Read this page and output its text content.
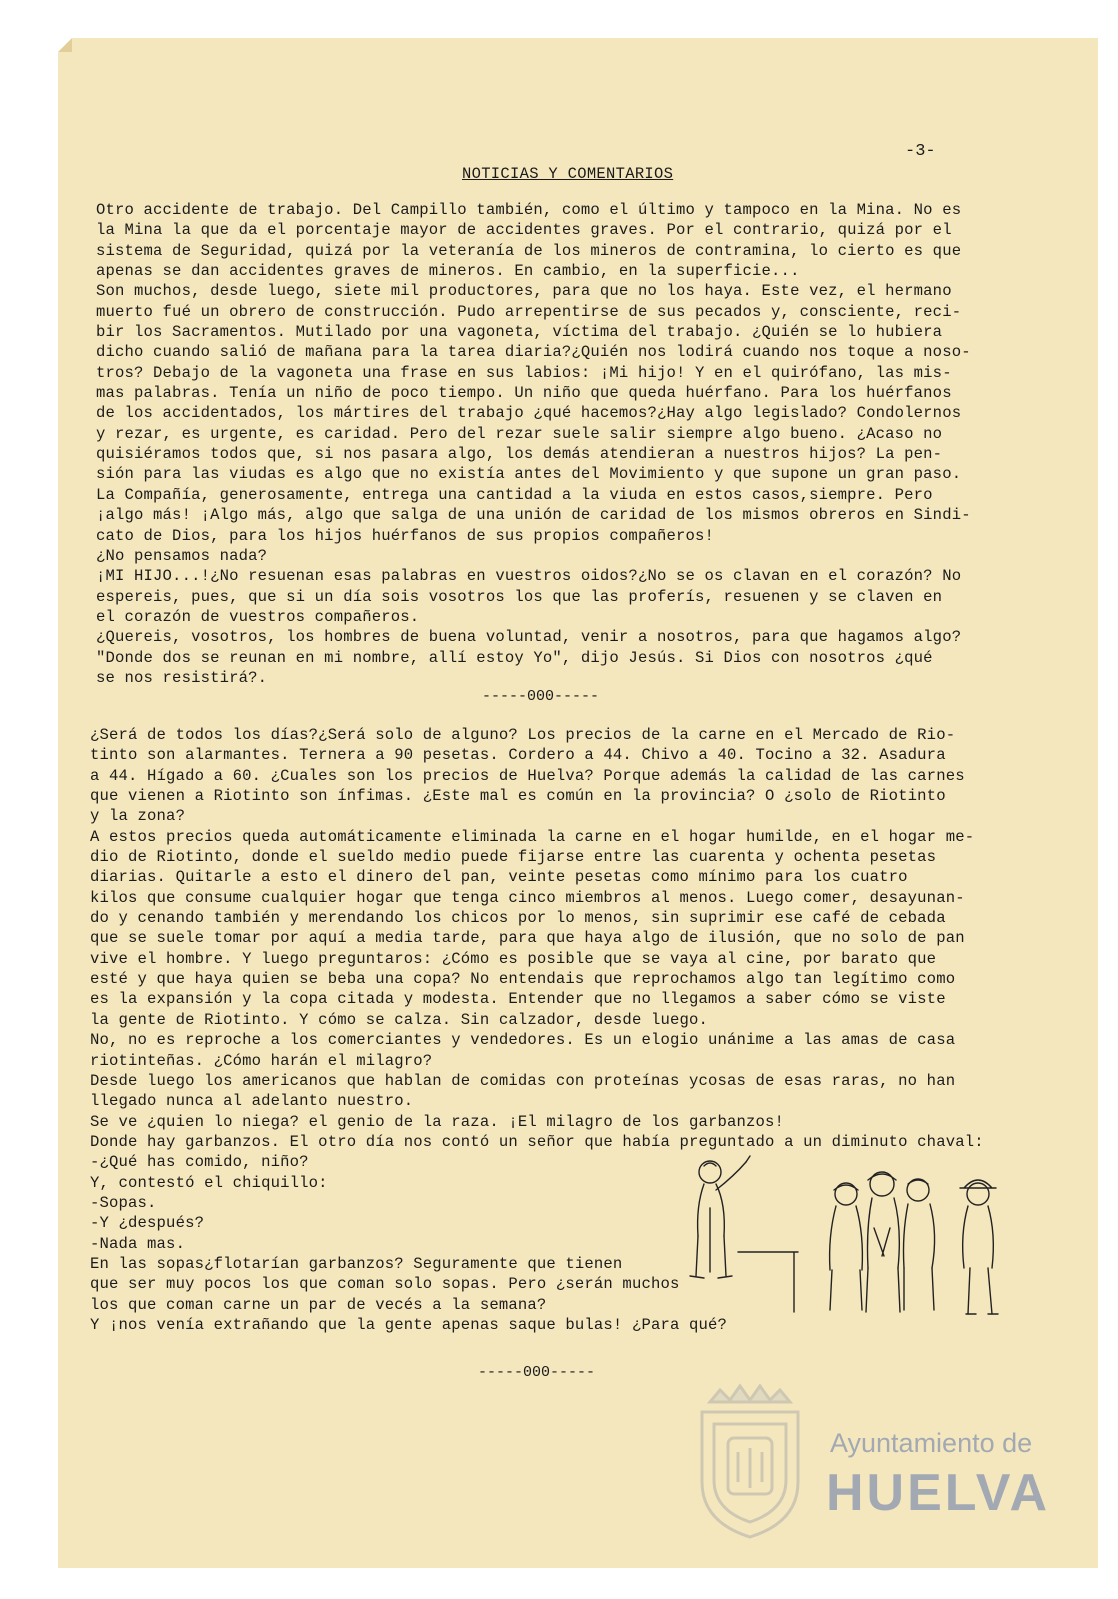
-3-
NOTICIAS Y COMENTARIOS

Otro accidente de trabajo. Del Campillo también, como el último y tampoco en la Mina. No es

la Mina la que da el porcentaje mayor de accidentes graves. Por el contrario, quizá por el

sistema de Seguridad, quizá por la veteranía de los mineros de contramina, lo cierto es que

apenas se dan accidentes graves de mineros. En cambio, en la superficie...

Son muchos, desde luego, siete mil productores, para que no los haya. Este vez, el hermano

muerto fué un obrero de construcción. Pudo arrepentirse de sus pecados y, consciente, reci-

bir los Sacramentos. Mutilado por una vagoneta, víctima del trabajo. ¿Quién se lo hubiera

dicho cuando salió de mañana para la tarea diaria?¿Quién nos lodirá cuando nos toque a noso-

tros? Debajo de la vagoneta una frase en sus labios: ¡Mi hijo! Y en el quirófano, las mis-

mas palabras. Tenía un niño de poco tiempo. Un niño que queda huérfano. Para los huérfanos

de los accidentados, los mártires del trabajo ¿qué hacemos?¿Hay algo legislado? Condolernos

y rezar, es urgente, es caridad. Pero del rezar suele salir siempre algo bueno. ¿Acaso no

quisiéramos todos que, si nos pasara algo, los demás atendieran a nuestros hijos? La pen-

sión para las viudas es algo que no existía antes del Movimiento y que supone un gran paso.

La Compañía, generosamente, entrega una cantidad a la viuda en estos casos,siempre. Pero

¡algo más! ¡Algo más, algo que salga de una unión de caridad de los mismos obreros en Sindi-

cato de Dios, para los hijos huérfanos de sus propios compañeros!

¿No pensamos nada?

¡MI HIJO...!¿No resuenan esas palabras en vuestros oidos?¿No se os clavan en el corazón? No

espereis, pues, que si un día sois vosotros los que las proferís, resuenen y se claven en

el corazón de vuestros compañeros.

¿Quereis, vosotros, los hombres de buena voluntad, venir a nosotros, para que hagamos algo?

"Donde dos se reunan en mi nombre, allí estoy Yo", dijo Jesús. Si Dios con nosotros ¿qué

se nos resistirá?.

-----000-----

¿Será de todos los días?¿Será solo de alguno? Los precios de la carne en el Mercado de Rio-

tinto son alarmantes. Ternera a 90 pesetas. Cordero a 44. Chivo a 40. Tocino a 32. Asadura

a 44. Hígado a 60. ¿Cuales son los precios de Huelva? Porque además la calidad de las carnes

que vienen a Riotinto son ínfimas. ¿Este mal es común en la provincia? O ¿solo de Riotinto

y la zona?

A estos precios queda automáticamente eliminada la carne en el hogar humilde, en el hogar me-

dio de Riotinto, donde el sueldo medio puede fijarse entre las cuarenta y ochenta pesetas

diarias. Quitarle a esto el dinero del pan, veinte pesetas como mínimo para los cuatro

kilos que consume cualquier hogar que tenga cinco miembros al menos. Luego comer, desayunan-

do y cenando también y merendando los chicos por lo menos, sin suprimir ese café de cebada

que se suele tomar por aquí a media tarde, para que haya algo de ilusión, que no solo de pan

vive el hombre. Y luego preguntaros: ¿Cómo es posible que se vaya al cine, por barato que

esté y que haya quien se beba una copa? No entendais que reprochamos algo tan legítimo como

es la expansión y la copa citada y modesta. Entender que no llegamos a saber cómo se viste

la gente de Riotinto. Y cómo se calza. Sin calzador, desde luego.

No, no es reproche a los comerciantes y vendedores. Es un elogio unánime a las amas de casa

riotinteñas. ¿Cómo harán el milagro?

Desde luego los americanos que hablan de comidas con proteínas ycosas de esas raras, no han

llegado nunca al adelanto nuestro.

Se ve ¿quien lo niega? el genio de la raza. ¡El milagro de los garbanzos!

Donde hay garbanzos. El otro día nos contó un señor que había preguntado a un diminuto chaval:

-¿Qué has comido, niño?

Y, contestó el chiquillo:

-Sopas.

-Y ¿después?

-Nada mas.

En las sopas¿flotarían garbanzos? Seguramente que tienen

que ser muy pocos los que coman solo sopas. Pero ¿serán muchos

los que coman carne un par de vecés a la semana?

Y ¡nos venía extrañando que la gente apenas saque bulas! ¿Para qué?

-----000-----
Ayuntamiento de
HUELVA
